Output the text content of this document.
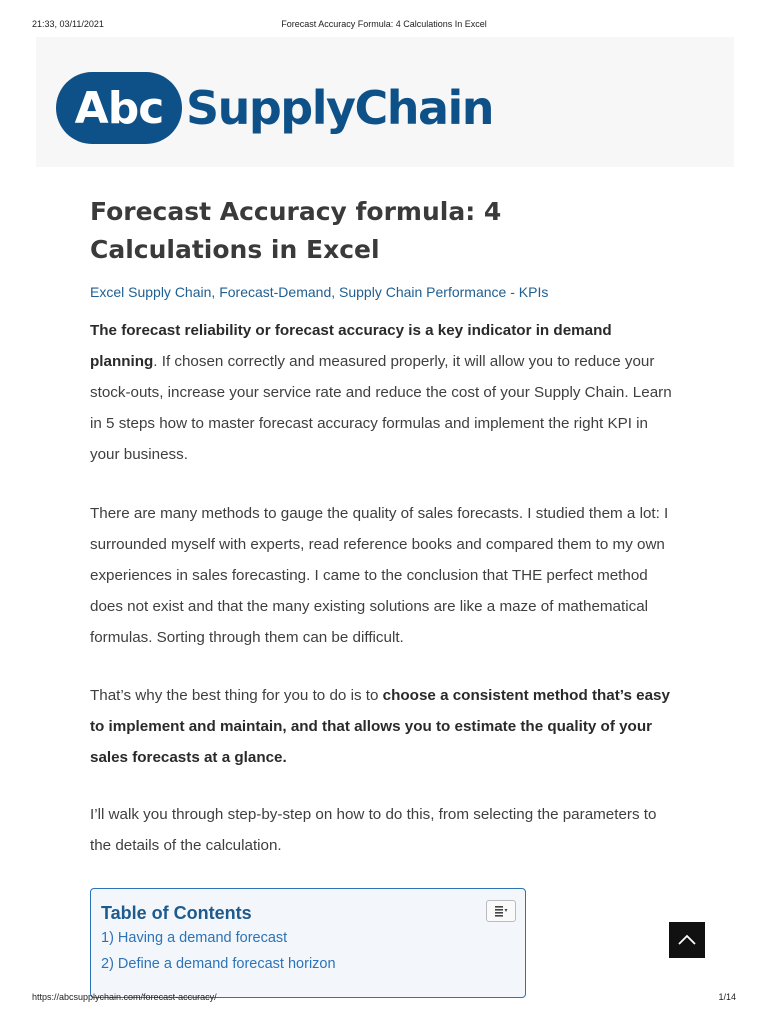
21:33, 03/11/2021	Forecast Accuracy Formula: 4 Calculations In Excel
Abc SupplyChain
Forecast Accuracy formula: 4 Calculations in Excel
Excel Supply Chain, Forecast-Demand, Supply Chain Performance - KPIs
The forecast reliability or forecast accuracy is a key indicator in demand planning. If chosen correctly and measured properly, it will allow you to reduce your stock-outs, increase your service rate and reduce the cost of your Supply Chain. Learn in 5 steps how to master forecast accuracy formulas and implement the right KPI in your business.
There are many methods to gauge the quality of sales forecasts. I studied them a lot: I surrounded myself with experts, read reference books and compared them to my own experiences in sales forecasting. I came to the conclusion that THE perfect method does not exist and that the many existing solutions are like a maze of mathematical formulas. Sorting through them can be difficult.
That’s why the best thing for you to do is to choose a consistent method that’s easy to implement and maintain, and that allows you to estimate the quality of your sales forecasts at a glance.
I’ll walk you through step-by-step on how to do this, from selecting the parameters to the details of the calculation.
Table of Contents
1) Having a demand forecast
2) Define a demand forecast horizon
https://abcsupplychain.com/forecast-accuracy/	1/14
